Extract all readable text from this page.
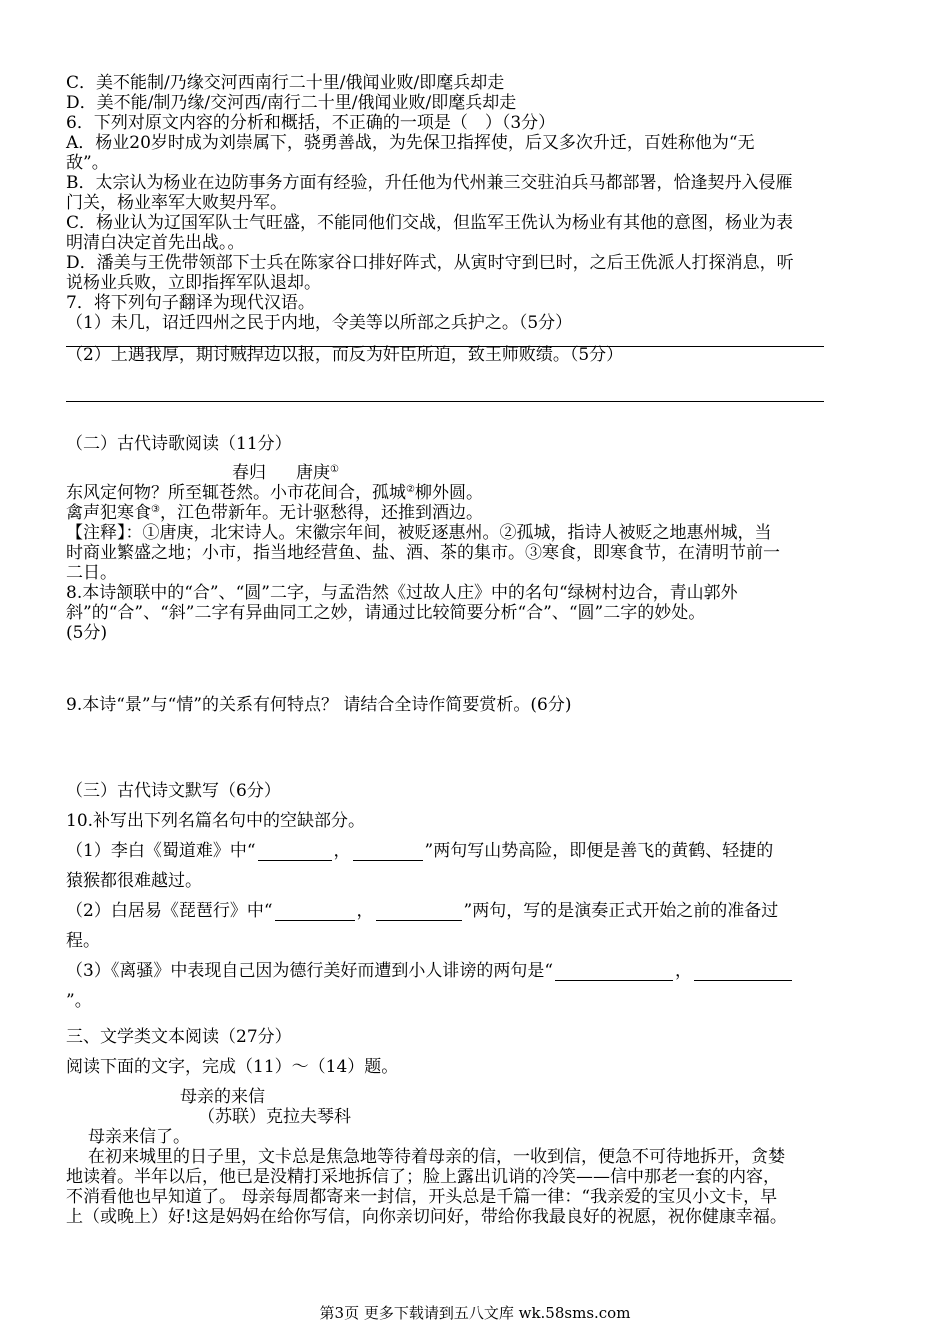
C．美不能制/乃缘交河西南行二十里/俄闻业败/即麾兵却走
D．美不能/制乃缘/交河西/南行二十里/俄闻业败/即麾兵却走
6．下列对原文内容的分析和概括，不正确的一项是（　）（3分）
A．杨业20岁时成为刘崇属下，骁勇善战，为先保卫指挥使，后又多次升迁，百姓称他为“无
敌”。
B．太宗认为杨业在边防事务方面有经验，升任他为代州兼三交驻泊兵马都部署，恰逢契丹入侵雁
门关，杨业率军大败契丹军。
C．杨业认为辽国军队士气旺盛，不能同他们交战，但监军王侁认为杨业有其他的意图，杨业为表
明清白决定首先出战。。
D．潘美与王侁带领部下士兵在陈家谷口排好阵式，从寅时守到巳时，之后王侁派人打探消息，听
说杨业兵败，立即指挥军队退却。
7．将下列句子翻译为现代汉语。
（1）未几，诏迁四州之民于内地，令美等以所部之兵护之。（5分）
（2）上遇我厚，期讨贼捍边以报，而反为奸臣所迫，致王师败绩。（5分）
（二）古代诗歌阅读（11分）
春归 唐庚①
东风定何物？所至辄苍然。小市花间合，孤城②柳外圆。
禽声犯寒食③，江色带新年。无计驱愁得，还推到酒边。
【注释】：①唐庚，北宋诗人。宋徽宗年间，被贬逐惠州。②孤城，指诗人被贬之地惠州城，当
时商业繁盛之地；小市，指当地经营鱼、盐、酒、茶的集市。③寒食，即寒食节，在清明节前一
二日。
8.本诗颔联中的“合”、“圆”二字，与孟浩然《过故人庄》中的名句“绿树村边合，青山郭外
斜”的“合”、“斜”二字有异曲同工之妙，请通过比较简要分析“合”、“圆”二字的妙处。
(5分)
9.本诗“景”与“情”的关系有何特点？ 请结合全诗作简要赏析。(6分)
（三）古代诗文默写（6分）
10.补写出下列名篇名句中的空缺部分。
（1）李白《蜀道难》中“	，	”两句写山势高险，即便是善飞的黄鹤、轻捷的
猿猴都很难越过。
（2）白居易《琵琶行》中“	，	”两句，写的是演奏正式开始之前的准备过
程。
（3）《离骚》中表现自己因为德行美好而遭到小人诽谤的两句是“	，
”。
三、文学类文本阅读（27分）
阅读下面的文字，完成（11）～（14）题。
母亲的来信
（苏联）克拉夫琴科
母亲来信了。
在初来城里的日子里，文卡总是焦急地等待着母亲的信，一收到信，便急不可待地拆开，贪婪
地读着。半年以后，他已是没精打采地拆信了；脸上露出讥诮的冷笑——信中那老一套的内容，
不消看他也早知道了。 母亲每周都寄来一封信，开头总是千篇一律：“我亲爱的宝贝小文卡，早
上（或晚上）好!这是妈妈在给你写信，向你亲切问好，带给你我最良好的祝愿，祝你健康幸福。
第3页 更多下载请到五八文库 wk.58sms.com
